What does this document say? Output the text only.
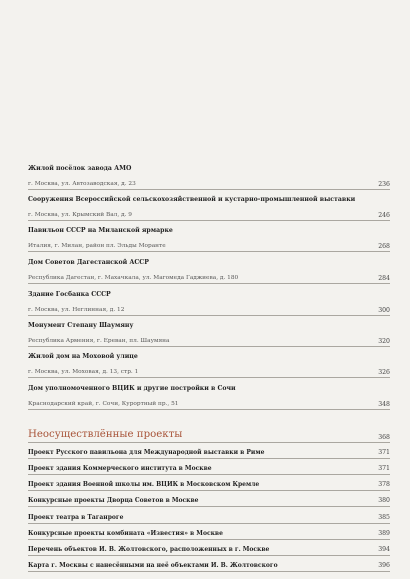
Жилой посёлок завода АМО
г. Москва, ул. Автозаводская, д. 23	236
Сооружения Всероссийской сельскохозяйственной и кустарно-промышленной выставки
г. Москва, ул. Крымский Вал, д. 9	246
Павильон СССР на Миланской ярмарке
Италия, г. Милан, район пл. Эльды Моранте	268
Дом Советов Дагестанской АССР
Республика Дагестан, г. Махачкала, ул. Магомеда Гаджиева, д. 180	284
Здание Госбанка СССР
г. Москва, ул. Неглинная, д. 12	300
Монумент Степану Шаумяну
Республика Армения, г. Ереван, пл. Шаумяна	320
Жилой дом на Моховой улице
г. Москва, ул. Моховая, д. 13, стр. 1	326
Дом уполномоченного ВЦИК и другие постройки в Сочи
Краснодарский край, г. Сочи, Курортный пр., 51	348
Неосуществлённые проекты	368
Проект Русского павильона для Международной выставки в Риме	371
Проект здания Коммерческого института в Москве	371
Проект здания Военной школы им. ВЦИК в Московском Кремле	378
Конкурсные проекты Дворца Советов в Москве	380
Проект театра в Таганроге	385
Конкурсные проекты комбината «Известия» в Москве	389
Перечень объектов И. В. Жолтовского, расположенных в г. Москве	394
Карта г. Москвы с нанесёнными на неё объектами И. В. Жолтовского	396
